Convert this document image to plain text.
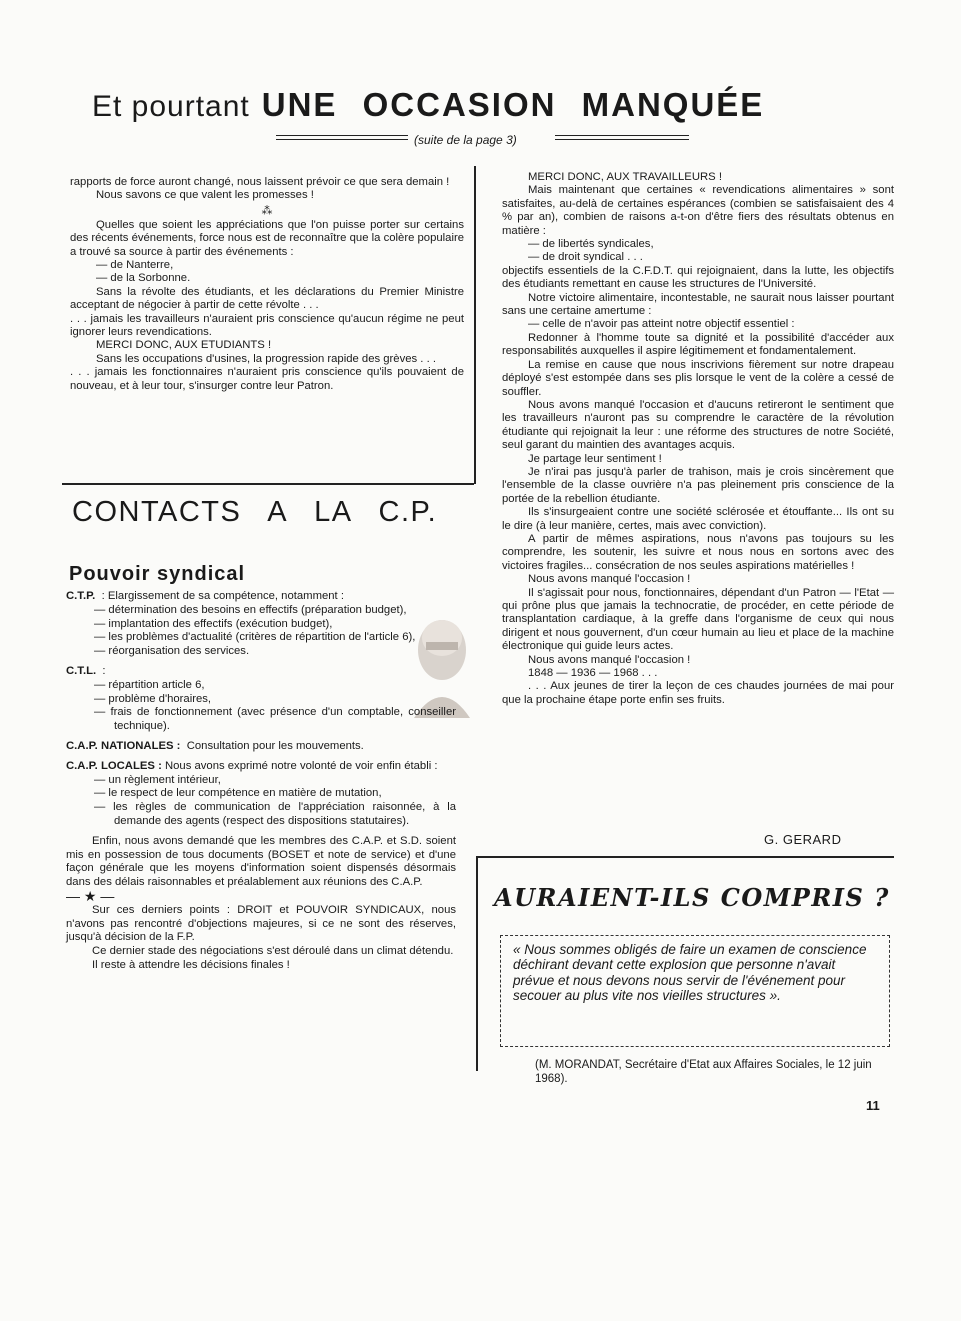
Et pourtant UNE OCCASION MANQUÉE
(suite de la page 3)

rapports de force auront changé, nous laissent prévoir ce que sera demain !

Nous savons ce que valent les promesses !

⁂

Quelles que soient les appréciations que l'on puisse porter sur certains des récents événements, force nous est de reconnaître que la colère populaire a trouvé sa source à partir des événements :

— de Nanterre,

— de la Sorbonne.

Sans la révolte des étudiants, et les déclarations du Premier Ministre acceptant de négocier à partir de cette révolte . . .

. . . jamais les travailleurs n'auraient pris conscience qu'aucun régime ne peut ignorer leurs revendications.

MERCI DONC, AUX ETUDIANTS !

Sans les occupations d'usines, la progression rapide des grèves . . .

. . . jamais les fonctionnaires n'auraient pris conscience qu'ils pouvaient de nouveau, et à leur tour, s'insurger contre leur Patron.

CONTACTS A LA C.P.
Pouvoir syndical

C.T.P. : Elargissement de sa compétence, notamment :

— détermination des besoins en effectifs (préparation budget),

— implantation des effectifs (exécution budget),

— les problèmes d'actualité (critères de répartition de l'article 6),

— réorganisation des services.

C.T.L. :

— répartition article 6,

— problème d'horaires,

— frais de fonctionnement (avec présence d'un comptable, conseiller technique).

C.A.P. NATIONALES : Consultation pour les mouvements.

C.A.P. LOCALES : Nous avons exprimé notre volonté de voir enfin établi :

— un règlement intérieur,

— le respect de leur compétence en matière de mutation,

— les règles de communication de l'appréciation raisonnée, à la demande des agents (respect des dispositions statutaires).

Enfin, nous avons demandé que les membres des C.A.P. et S.D. soient mis en possession de tous documents (BOSET et note de service) et d'une façon générale que les moyens d'information soient dispensés désormais dans des délais raisonnables et préalablement aux réunions des C.A.P.

— ★ —

Sur ces derniers points : DROIT et POUVOIR SYNDICAUX, nous n'avons pas rencontré d'objections majeures, si ce ne sont des réserves, jusqu'à décision de la F.P.

Ce dernier stade des négociations s'est déroulé dans un climat détendu.

Il reste à attendre les décisions finales !

MERCI DONC, AUX TRAVAILLEURS !

Mais maintenant que certaines « revendications alimentaires » sont satisfaites, au-delà de certaines espérances (combien se satisfaisaient des 4 % par an), combien de raisons a-t-on d'être fiers des résultats obtenus en matière :

— de libertés syndicales,

— de droit syndical . . .

objectifs essentiels de la C.F.D.T. qui rejoignaient, dans la lutte, les objectifs des étudiants remettant en cause les structures de l'Université.

Notre victoire alimentaire, incontestable, ne saurait nous laisser pourtant sans une certaine amertume :

— celle de n'avoir pas atteint notre objectif essentiel :

Redonner à l'homme toute sa dignité et la possibilité d'accéder aux responsabilités auxquelles il aspire légitimement et fondamentalement.

La remise en cause que nous inscrivions fièrement sur notre drapeau déployé s'est estompée dans ses plis lorsque le vent de la colère a cessé de souffler.

Nous avons manqué l'occasion et d'aucuns retireront le sentiment que les travailleurs n'auront pas su comprendre le caractère de la révolution étudiante qui rejoignait la leur : une réforme des structures de notre Société, seul garant du maintien des avantages acquis.

Je partage leur sentiment !

Je n'irai pas jusqu'à parler de trahison, mais je crois sincèrement que l'ensemble de la classe ouvrière n'a pas pleinement pris conscience de la portée de la rebellion étudiante.

Ils s'insurgeaient contre une société sclérosée et étouffante... Ils ont su le dire (à leur manière, certes, mais avec conviction).

A partir de mêmes aspirations, nous n'avons pas toujours su les comprendre, les soutenir, les suivre et nous nous en sortons avec des victoires fragiles... consécration de nos seules aspirations matérielles !

Nous avons manqué l'occasion !

Il s'agissait pour nous, fonctionnaires, dépendant d'un Patron — l'Etat — qui prône plus que jamais la technocratie, de procéder, en cette période de transplantation cardiaque, à la greffe dans l'organisme de ceux qui nous dirigent et nous gouvernent, d'un cœur humain au lieu et place de la machine électronique qui guide leurs actes.

Nous avons manqué l'occasion !

1848 — 1936 — 1968 . . .

. . . Aux jeunes de tirer la leçon de ces chaudes journées de mai pour que la prochaine étape porte enfin ses fruits.

G. GERARD
AURAIENT-ILS COMPRIS ?

« Nous sommes obligés de faire un examen de conscience déchirant devant cette explosion que personne n'avait prévue et nous devons nous servir de l'événement pour secouer au plus vite nos vieilles structures ».

(M. MORANDAT, Secrétaire d'Etat aux Affaires Sociales, le 12 juin 1968).
11
